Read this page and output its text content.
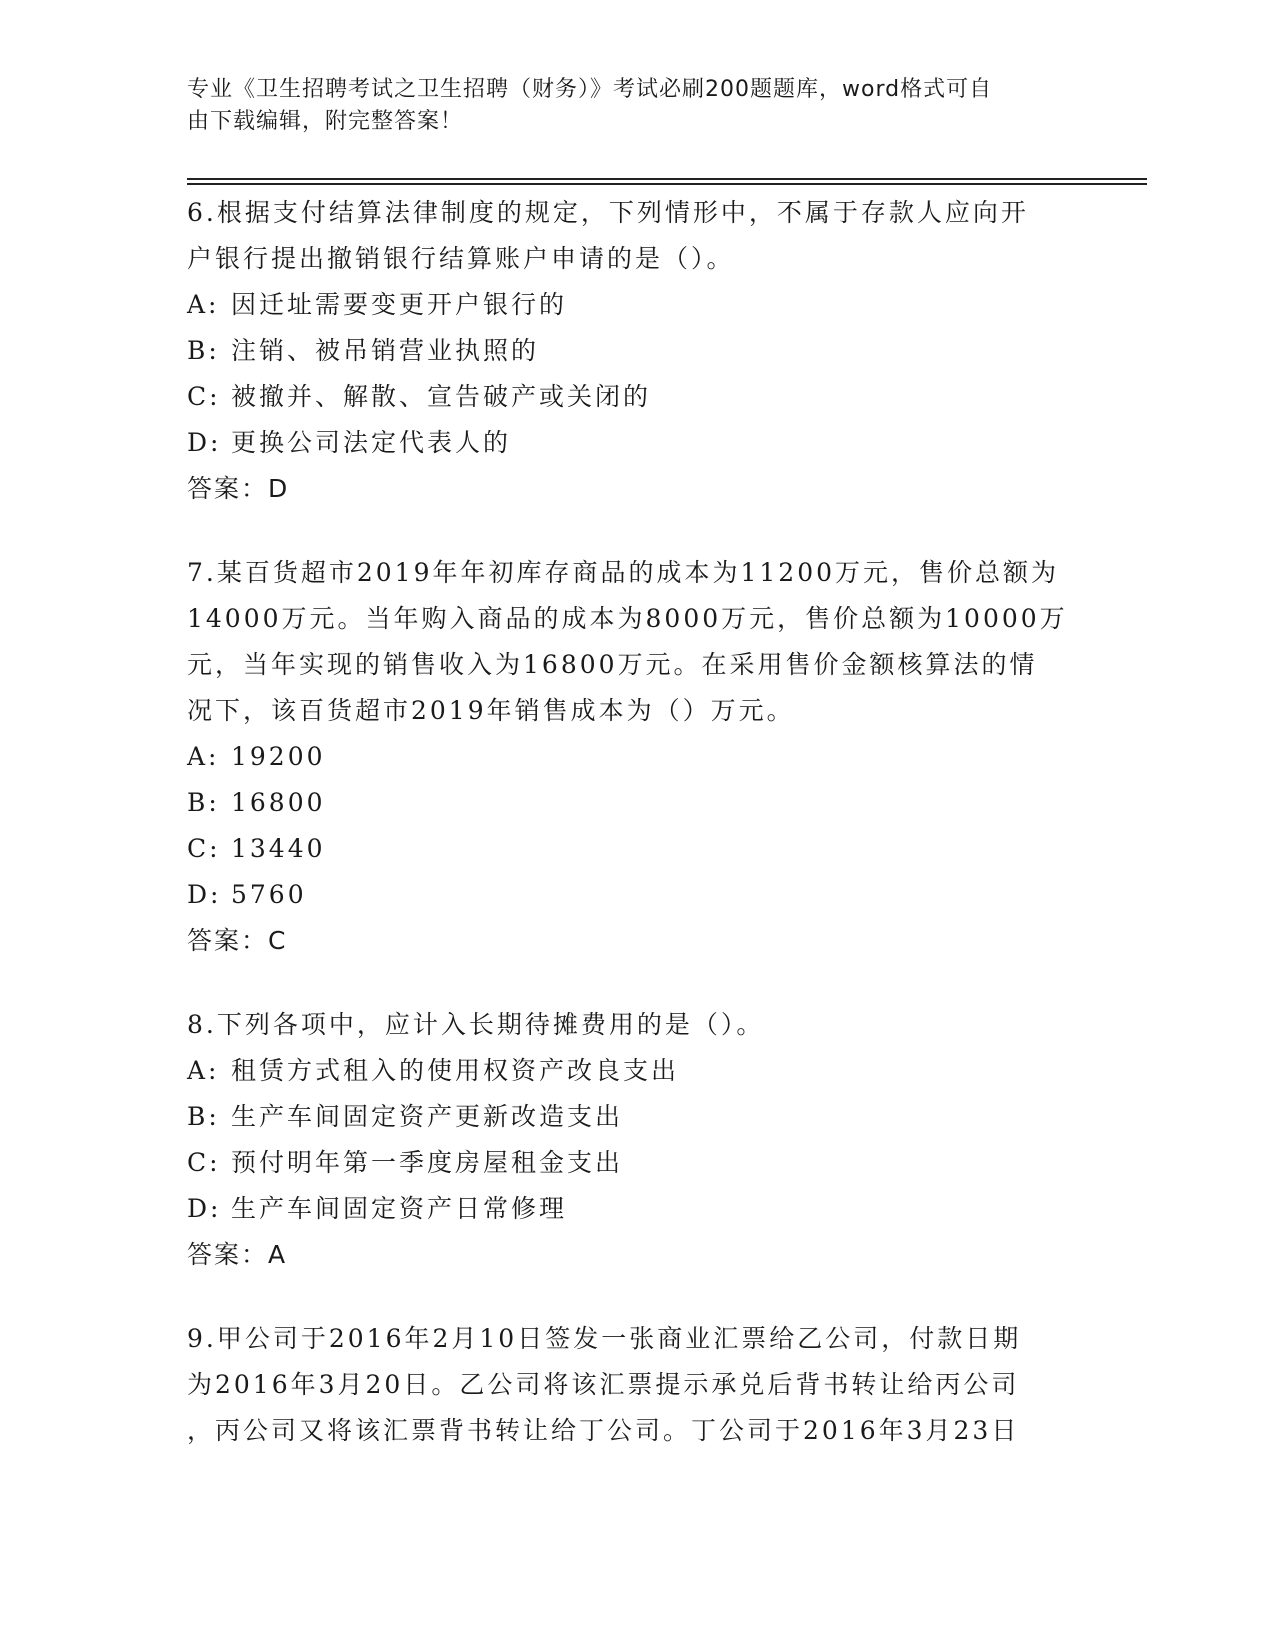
专业《卫生招聘考试之卫生招聘（财务）》考试必刷200题题库，word格式可自
由下载编辑，附完整答案！
6.根据支付结算法律制度的规定，下列情形中，不属于存款人应向开
户银行提出撤销银行结算账户申请的是（）。
A: 因迁址需要变更开户银行的
B: 注销、被吊销营业执照的
C: 被撤并、解散、宣告破产或关闭的
D: 更换公司法定代表人的
答案：D
7.某百货超市2019年年初库存商品的成本为11200万元，售价总额为
14000万元。当年购入商品的成本为8000万元，售价总额为10000万
元，当年实现的销售收入为16800万元。在采用售价金额核算法的情
况下，该百货超市2019年销售成本为（）万元。
A: 19200
B: 16800
C: 13440
D: 5760
答案：C
8.下列各项中，应计入长期待摊费用的是（）。
A: 租赁方式租入的使用权资产改良支出
B: 生产车间固定资产更新改造支出
C: 预付明年第一季度房屋租金支出
D: 生产车间固定资产日常修理
答案：A
9.甲公司于2016年2月10日签发一张商业汇票给乙公司，付款日期
为2016年3月20日。乙公司将该汇票提示承兑后背书转让给丙公司
，丙公司又将该汇票背书转让给丁公司。丁公司于2016年3月23日
